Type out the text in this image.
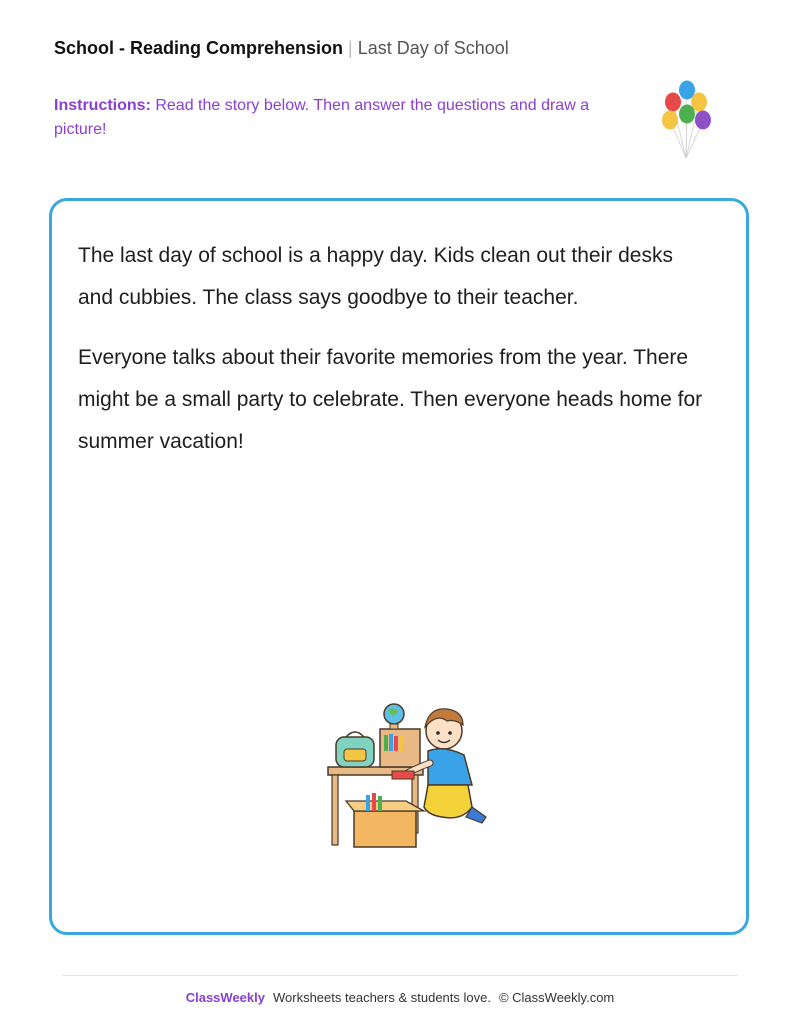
School - Reading Comprehension | Last Day of School
Instructions: Read the story below. Then answer the questions and draw a picture!

The last day of school is a happy day. Kids clean out their desks and cubbies. The class says goodbye to their teacher.

Everyone talks about their favorite memories from the year. There might be a small party to celebrate. Then everyone heads home for summer vacation!

ClassWeekly Worksheets teachers & students love. © ClassWeekly.com
